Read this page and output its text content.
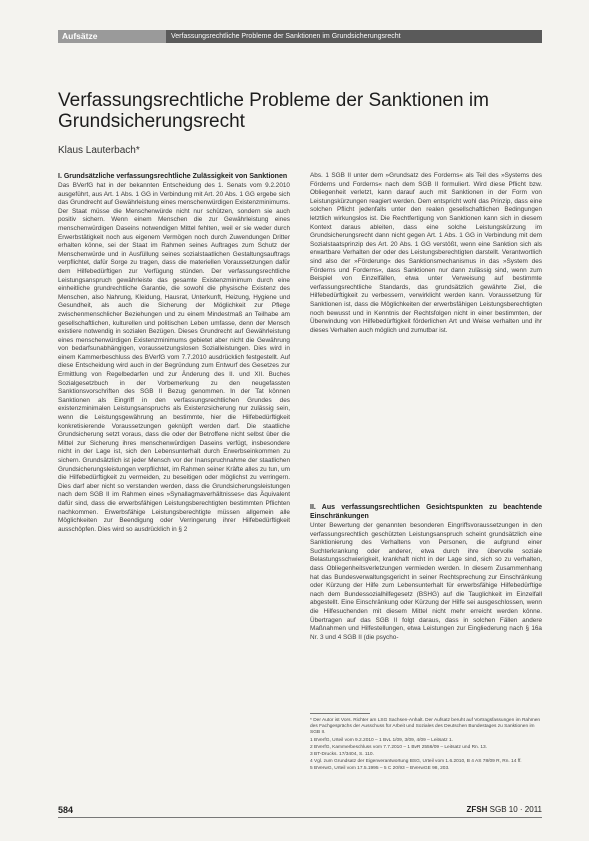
Aufsätze	Verfassungsrechtliche Probleme der Sanktionen im Grundsicherungsrecht
Verfassungsrechtliche Probleme der Sanktionen im Grundsicherungsrecht
Klaus Lauterbach*
I. Grundsätzliche verfassungsrechtliche Zulässigkeit von Sanktionen

Das BVerfG hat in der bekannten Entscheidung des 1. Senats vom 9.2.2010 ausgeführt, aus Art. 1 Abs. 1 GG in Verbindung mit Art. 20 Abs. 1 GG ergebe sich das Grundrecht auf Gewährleistung eines menschenwürdigen Existenzminimums. Der Staat müsse die Menschenwürde nicht nur schützen, sondern sie auch positiv sichern. Wenn einem Menschen die zur Gewährleistung eines menschenwürdigen Daseins notwendigen Mittel fehlten, weil er sie weder durch Erwerbstätigkeit noch aus eigenem Vermögen noch durch Zuwendungen Dritter erhalten könne, sei der Staat im Rahmen seines Auftrages zum Schutz der Menschenwürde und in Ausfüllung seines sozialstaatlichen Gestaltungsauftrags verpflichtet, dafür Sorge zu tragen, dass die materiellen Voraussetzungen dafür dem Hilfebedürftigen zur Verfügung stünden. Der verfassungsrechtliche Leistungsanspruch gewährleiste das gesamte Existenzminimum durch eine einheitliche grundrechtliche Garantie, die sowohl die physische Existenz des Menschen, also Nahrung, Kleidung, Hausrat, Unterkunft, Heizung, Hygiene und Gesundheit, als auch die Sicherung der Möglichkeit zur Pflege zwischenmenschlicher Beziehungen und zu einem Mindestmaß an Teilhabe am gesellschaftlichen, kulturellen und politischen Leben umfasse, denn der Mensch existiere notwendig in sozialen Bezügen. Dieses Grundrecht auf Gewährleistung eines menschenwürdigen Existenzminimums gebietet aber nicht die Gewährung von bedarfsunabhängigen, voraussetzungslosen Sozialleistungen. Dies wird in einem Kammerbeschluss des BVerfG vom 7.7.2010 ausdrücklich festgestellt. Auf diese Entscheidung wird auch in der Begründung zum Entwurf des Gesetzes zur Ermittlung von Regelbedarfen und zur Änderung des II. und XII. Buches Sozialgesetzbuch in der Vorbemerkung zu den neugefassten Sanktionsvorschriften des SGB II Bezug genommen. In der Tat können Sanktionen als Eingriff in den verfassungsrechtlichen Grundes des existenzminimalen Leistungsanspruchs als Existenzsicherung nur zulässig sein, wenn die Leistungsgewährung an bestimmte, hier die Hilfebedürftigkeit konkretisierende Voraussetzungen geknüpft werden darf. Die staatliche Grundsicherung setzt voraus, dass die oder der Betroffene nicht selbst über die Mittel zur Sicherung ihres menschenwürdigen Daseins verfügt, insbesondere nicht in der Lage ist, sich den Lebensunterhalt durch Erwerbseinkommen zu sichern. Grundsätzlich ist jeder Mensch vor der Inanspruchnahme der staatlichen Grundsicherungsleistungen verpflichtet, im Rahmen seiner Kräfte alles zu tun, um die Hilfebedürftigkeit zu vermeiden, zu beseitigen oder möglichst zu verringern. Dies darf aber nicht so verstanden werden, dass die Grundsicherungsleistungen nach dem SGB II im Rahmen eines »Synallagmaverhältnisses« das Äquivalent dafür sind, dass die erwerbsfähigen Leistungsberechtigten bestimmten Pflichten nachkommen. Erwerbsfähige Leistungsberechtigte müssen allgemein alle Möglichkeiten zur Beendigung oder Verringerung ihrer Hilfebedürftigkeit ausschöpfen. Dies wird so ausdrücklich in § 2

Abs. 1 SGB II unter dem »Grundsatz des Forderns« als Teil des »Systems des Förderns und Forderns« nach dem SGB II formuliert. Wird diese Pflicht bzw. Obliegenheit verletzt, kann darauf auch mit Sanktionen in der Form von Leistungskürzungen reagiert werden. Dem entspricht wohl das Prinzip, dass eine solchen Pflicht jedenfalls unter den realen gesellschaftlichen Bedingungen letztlich wirkungslos ist. Die Rechtfertigung von Sanktionen kann sich in diesem Kontext daraus ableiten, dass eine solche Leistungskürzung im Grundsicherungsrecht dann nicht gegen Art. 1 Abs. 1 GG in Verbindung mit dem Sozialstaatsprinzip des Art. 20 Abs. 1 GG verstößt, wenn eine Sanktion sich als erwartbare Verhalten der oder des Leistungsberechtigten darstellt. Verantwortlich sind also der »Förderung« des Sanktionsmechanismus in das »System des Förderns und Forderns«, dass Sanktionen nur dann zulässig sind, wenn zum Beispiel von Einzelfällen, etwa unter Verweisung auf bestimmte verfassungsrechtliche Standards, das grundsätzlich gewährte Ziel, die Hilfebedürftigkeit zu verbessern, verwirklicht werden kann. Voraussetzung für Sanktionen ist, dass die Möglichkeiten der erwerbsfähigen Leistungsberechtigten noch bewusst und in Kenntnis der Rechtsfolgen nicht in einer bestimmten, der Überwindung von Hilfebedürftigkeit förderlichen Art und Weise verhalten und ihr dieses Verhalten auch möglich und zumutbar ist.

II. Aus verfassungsrechtlichen Gesichtspunkten zu beachtende Einschränkungen

Unter Bewertung der genannten besonderen Eingriffsvoraussetzungen in den verfassungsrechtlich geschützten Leistungsanspruch scheint grundsätzlich eine Sanktionierung des Verhaltens von Personen, die aufgrund einer Suchterkrankung oder anderer, etwa durch ihre übervolle soziale Belastungsschwierigkeit, krankhaft nicht in der Lage sind, sich so zu verhalten, dass Obliegenheitsverletzungen vermieden werden. In diesem Zusammenhang hat das Bundesverwaltungsgericht in seiner Rechtsprechung zur Einschränkung oder Kürzung der Hilfe zum Lebensunterhalt für erwerbsfähige Hilfebedürftige nach dem Bundessozialhilfegesetz (BSHG) auf die Tauglichkeit im Einzelfall abgestellt. Eine Einschränkung oder Kürzung der Hilfe sei ausgeschlossen, wenn die Hilfesuchenden mit diesem Mittel nicht mehr erreicht werden könne. Übertragen auf das SGB II folgt daraus, dass in solchen Fällen andere Maßnahmen und Hilfestellungen, etwa Leistungen zur Eingliederung nach § 16a Nr. 3 und 4 SGB II (die psycho-

* Der Autor ist Vors. Richter am LSG Sachsen-Anhalt. Der Aufsatz beruht auf Vortragsfassungen im Rahmen des Fachgesprächs der Ausschuss für Arbeit und Soziales des Deutschen Bundestages zu Sanktionen im SGB II.
1 BVerfG, Urteil vom 9.2.2010 – 1 BvL 1/09, 3/09, 4/09 – Leitsatz 1.
2 BVerfG, Kammerbeschluss vom 7.7.2010 – 1 BvR 2556/09 – Leitsatz und Rn. 13.
3 BT-Drucks. 17/3404, S. 110.
4 Vgl. zum Grundsatz der Eigenverantwortung BSG, Urteil vom 1.6.2010, B 4 AS 78/09 R, Rn. 14 ff.
5 BVerwG, Urteil vom 17.5.1995 – 5 C 20/93 – BVerwGE 98, 203.
584	ZFSH SGB 10 · 2011
